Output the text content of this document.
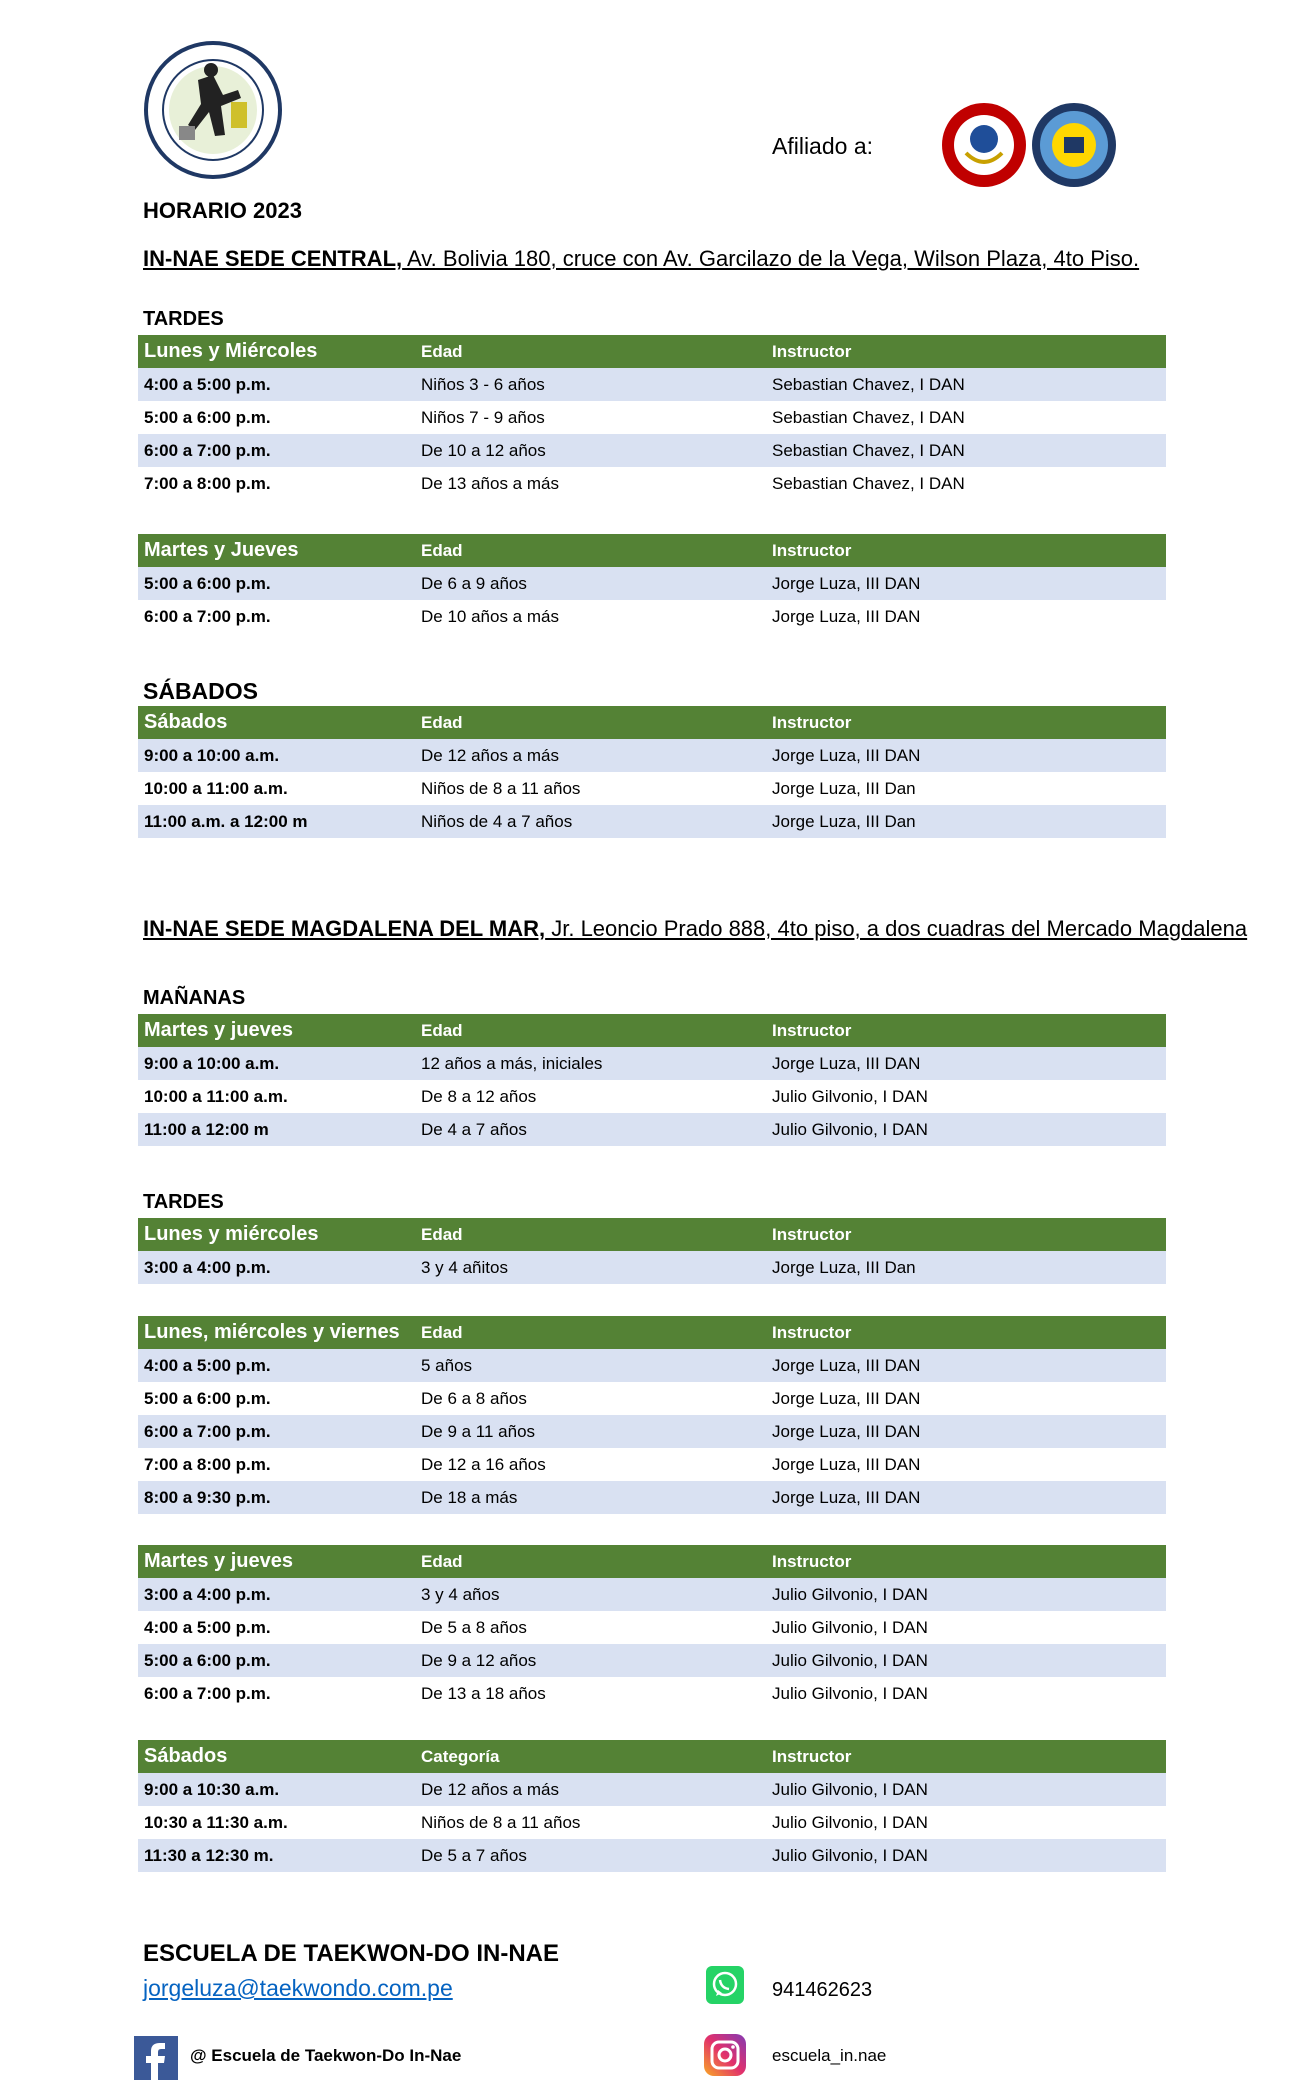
Afiliado a:
HORARIO 2023
IN-NAE SEDE CENTRAL, Av. Bolivia 180, cruce con Av. Garcilazo de la Vega, Wilson Plaza, 4to Piso.
TARDES
Lunes y Miércoles	Edad	Instructor
4:00 a 5:00 p.m.	Niños 3 - 6 años	Sebastian Chavez, I DAN
5:00 a 6:00 p.m.	Niños 7 - 9 años	Sebastian Chavez, I DAN
6:00 a 7:00 p.m.	De 10 a 12 años	Sebastian Chavez, I DAN
7:00 a 8:00 p.m.	De 13 años a más	Sebastian Chavez, I DAN
Martes y Jueves	Edad	Instructor
5:00 a 6:00 p.m.	De 6 a 9 años	Jorge Luza, III DAN
6:00 a 7:00 p.m.	De 10 años a más	Jorge Luza, III DAN
SÁBADOS
Sábados	Edad	Instructor
9:00 a 10:00 a.m.	De 12 años a más	Jorge Luza, III DAN
10:00 a 11:00 a.m.	Niños de 8 a 11 años	Jorge Luza, III Dan
11:00 a.m. a 12:00 m	Niños de 4 a 7 años	Jorge Luza, III Dan
IN-NAE SEDE MAGDALENA DEL MAR, Jr. Leoncio Prado 888, 4to piso, a dos cuadras del Mercado Magdalena
MAÑANAS
Martes y jueves	Edad	Instructor
9:00 a 10:00 a.m.	12 años a más, iniciales	Jorge Luza, III DAN
10:00 a 11:00 a.m.	De 8 a 12 años	Julio Gilvonio, I DAN
11:00 a 12:00 m	De 4 a 7 años	Julio Gilvonio, I DAN
TARDES
Lunes y miércoles	Edad	Instructor
3:00 a 4:00 p.m.	3 y 4 añitos	Jorge Luza, III Dan
Lunes, miércoles y viernes	Edad	Instructor
4:00 a 5:00 p.m.	5 años	Jorge Luza, III DAN
5:00 a 6:00 p.m.	De 6 a 8 años	Jorge Luza, III DAN
6:00 a 7:00 p.m.	De 9 a 11 años	Jorge Luza, III DAN
7:00 a 8:00 p.m.	De 12 a 16 años	Jorge Luza, III DAN
8:00 a 9:30 p.m.	De 18 a más	Jorge Luza, III DAN
Martes y jueves	Edad	Instructor
3:00 a 4:00 p.m.	3 y 4 años	Julio Gilvonio, I DAN
4:00 a 5:00 p.m.	De 5 a 8 años	Julio Gilvonio, I DAN
5:00 a 6:00 p.m.	De 9 a 12 años	Julio Gilvonio, I DAN
6:00 a 7:00 p.m.	De 13 a 18 años	Julio Gilvonio, I DAN
Sábados	Categoría	Instructor
9:00 a 10:30 a.m.	De 12 años a más	Julio Gilvonio, I DAN
10:30 a 11:30 a.m.	Niños de 8 a 11 años	Julio Gilvonio, I DAN
11:30 a 12:30 m.	De 5 a 7 años	Julio Gilvonio, I DAN
ESCUELA DE TAEKWON-DO IN-NAE
jorgeluza@taekwondo.com.pe	941462623
@ Escuela de Taekwon-Do In-Nae	escuela_in.nae
